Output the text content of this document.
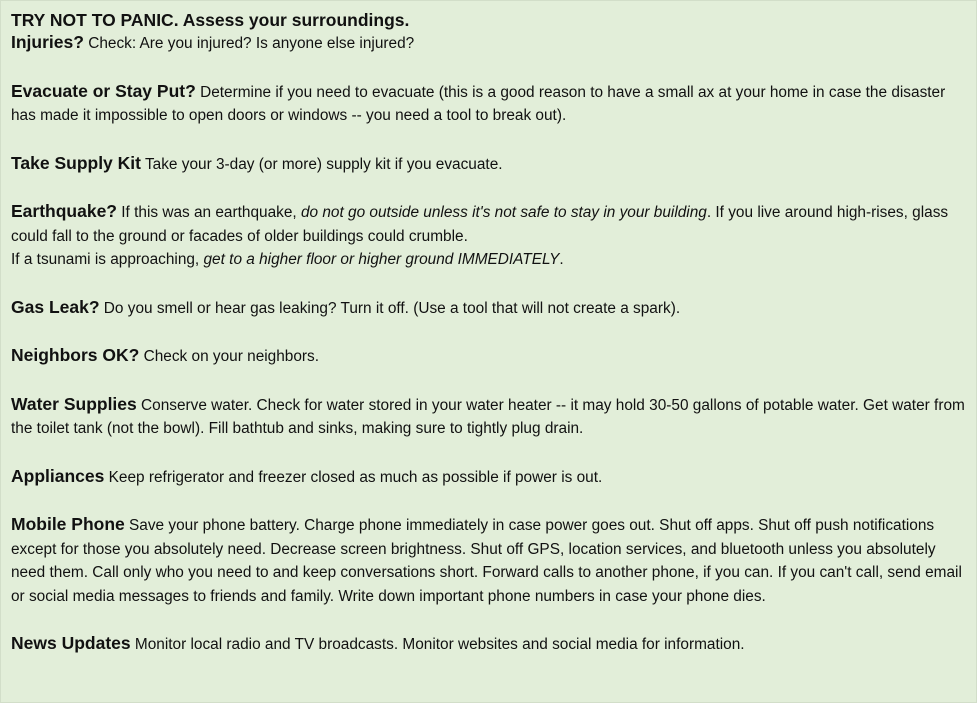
TRY NOT TO PANIC. Assess your surroundings.

Injuries? Check: Are you injured? Is anyone else injured?

Evacuate or Stay Put? Determine if you need to evacuate (this is a good reason to have a small ax at your home in case the disaster has made it impossible to open doors or windows -- you need a tool to break out).

Take Supply Kit Take your 3-day (or more) supply kit if you evacuate.

Earthquake? If this was an earthquake, do not go outside unless it's not safe to stay in your building. If you live around high-rises, glass could fall to the ground or facades of older buildings could crumble.
If a tsunami is approaching, get to a higher floor or higher ground IMMEDIATELY.

Gas Leak? Do you smell or hear gas leaking? Turn it off. (Use a tool that will not create a spark).

Neighbors OK? Check on your neighbors.

Water Supplies Conserve water. Check for water stored in your water heater -- it may hold 30-50 gallons of potable water. Get water from the toilet tank (not the bowl). Fill bathtub and sinks, making sure to tightly plug drain.

Appliances Keep refrigerator and freezer closed as much as possible if power is out.

Mobile Phone Save your phone battery. Charge phone immediately in case power goes out. Shut off apps. Shut off push notifications except for those you absolutely need. Decrease screen brightness. Shut off GPS, location services, and bluetooth unless you absolutely need them. Call only who you need to and keep conversations short. Forward calls to another phone, if you can. If you can't call, send email or social media messages to friends and family. Write down important phone numbers in case your phone dies.

News Updates Monitor local radio and TV broadcasts. Monitor websites and social media for information.
